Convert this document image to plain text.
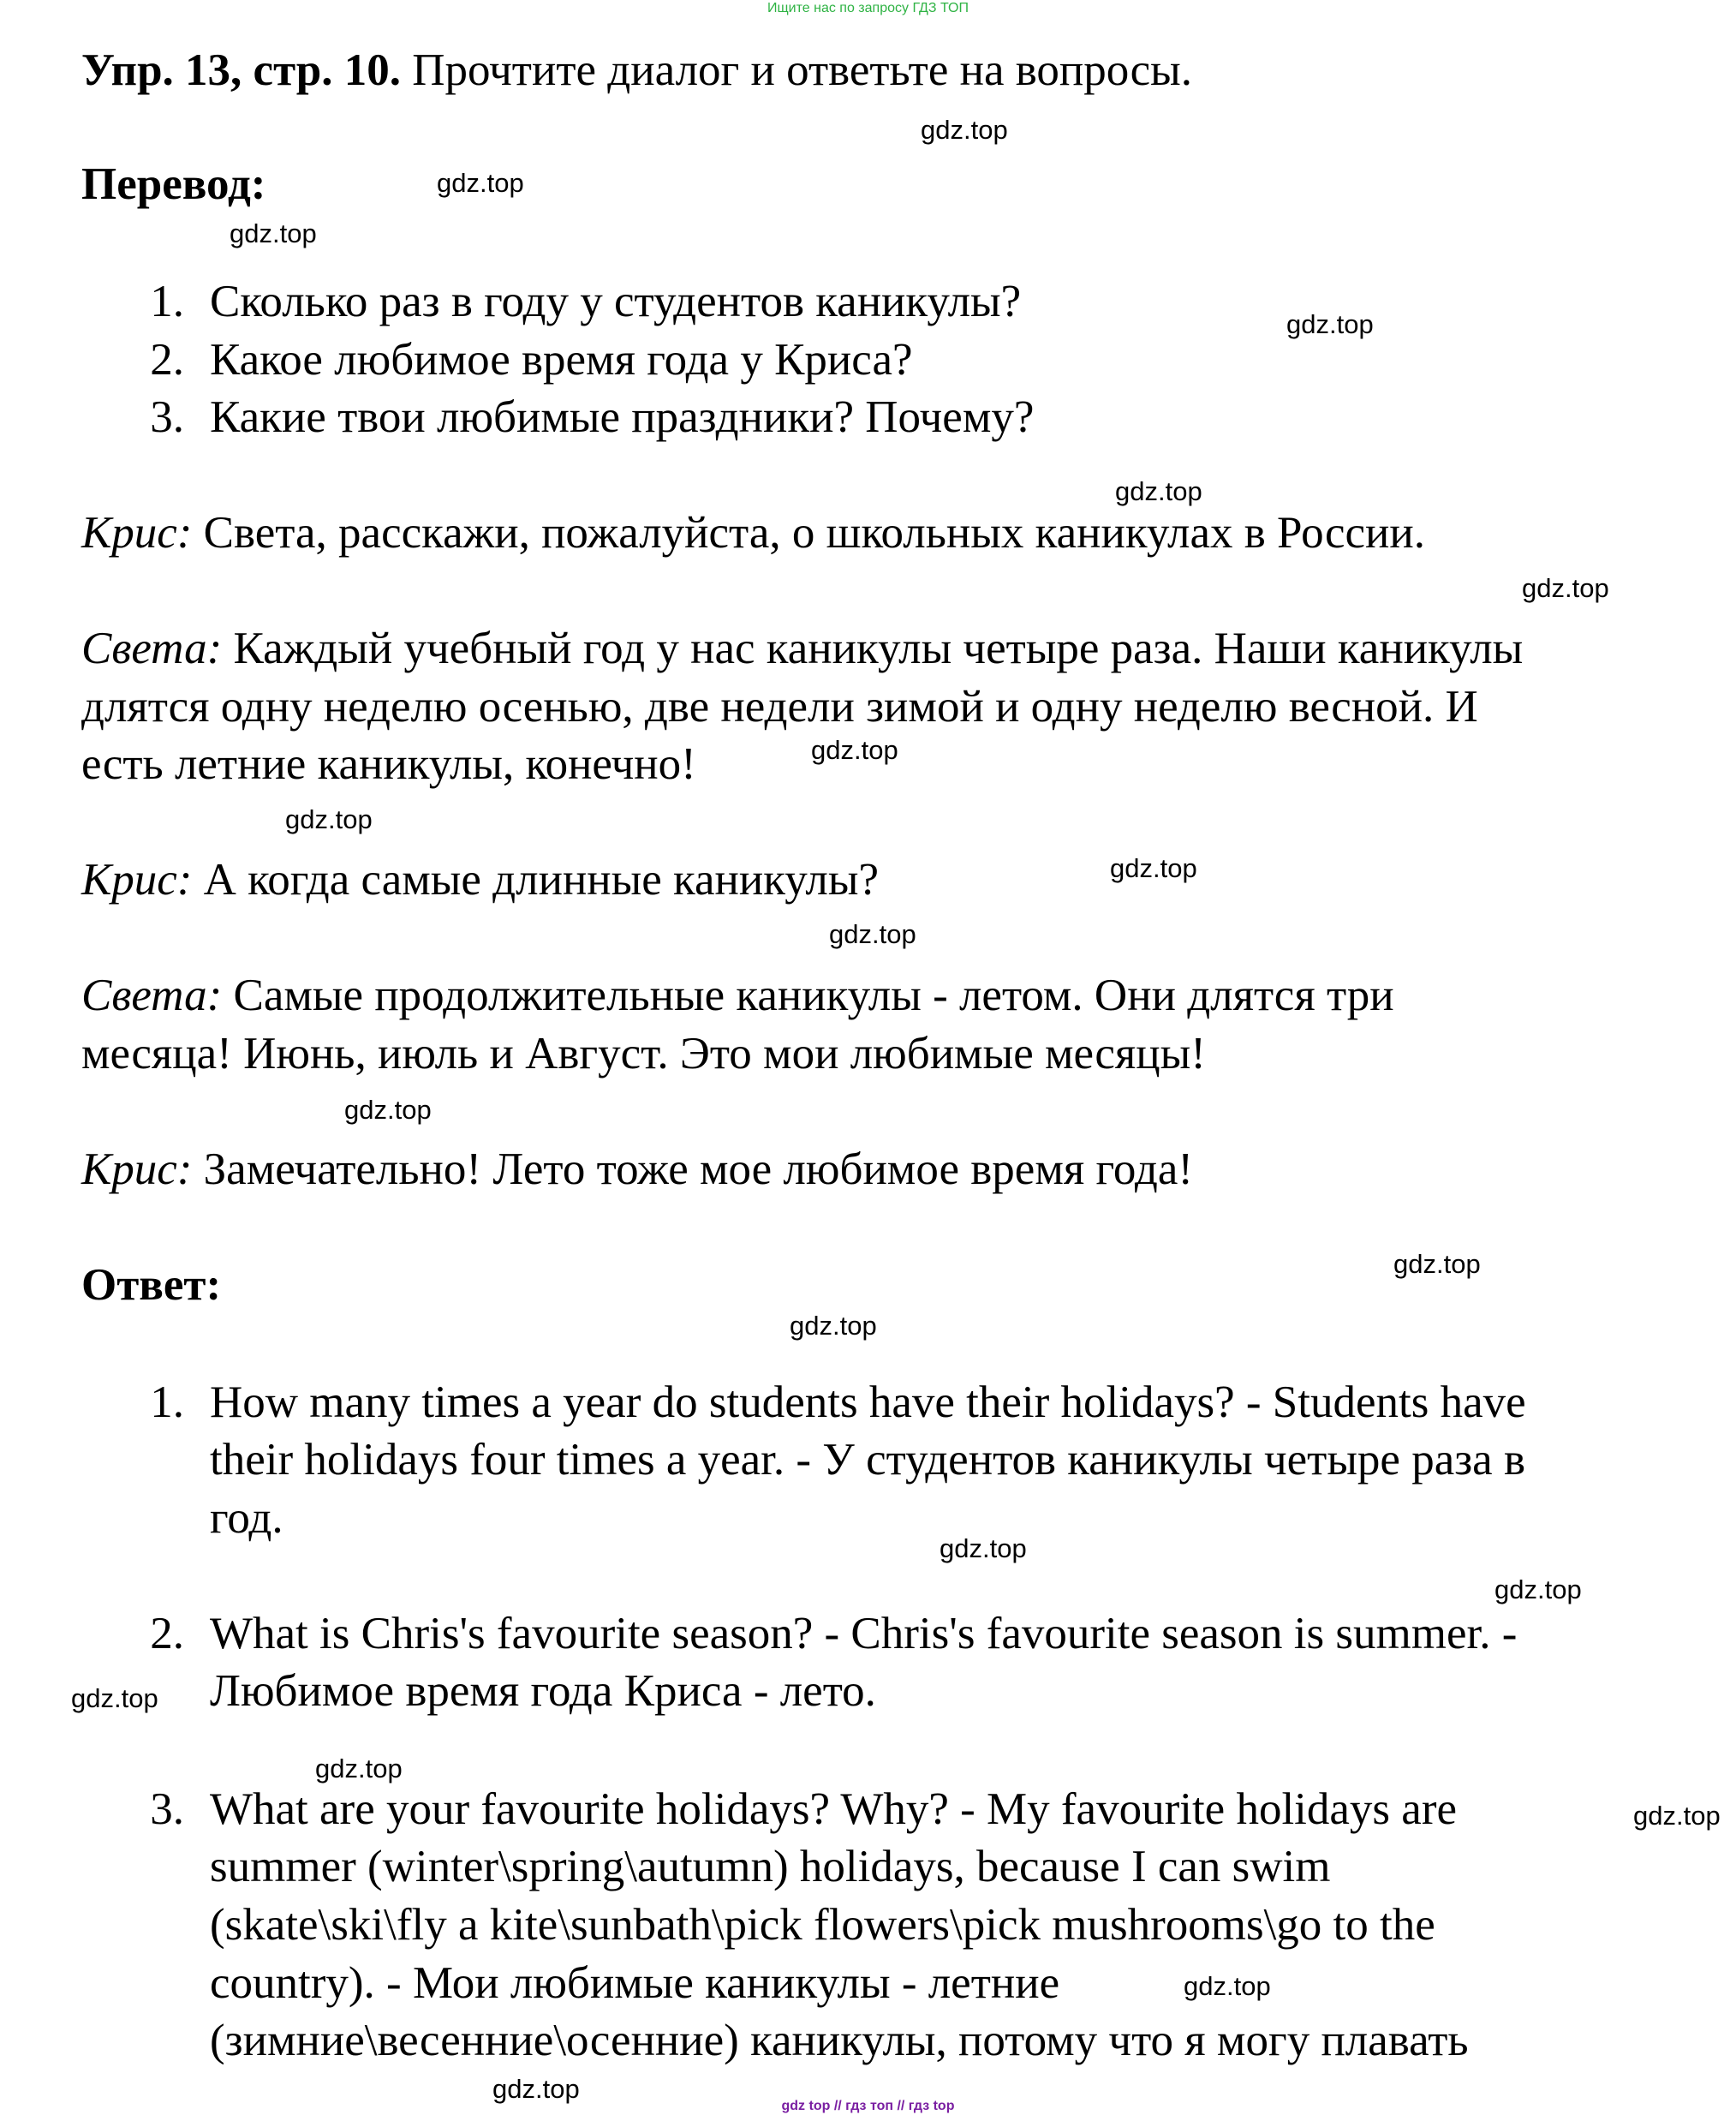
Ищите нас по запросу ГДЗ ТОП
Упр. 13, стр. 10. Прочтите диалог и ответьте на вопросы.
Перевод:
1. Сколько раз в году у студентов каникулы?
2. Какое любимое время года у Криса?
3. Какие твои любимые праздники? Почему?
Крис: Света, расскажи, пожалуйста, о школьных каникулах в России.
Света: Каждый учебный год у нас каникулы четыре раза. Наши каникулы
длятся одну неделю осенью, две недели зимой и одну неделю весной. И
есть летние каникулы, конечно!
Крис: А когда самые длинные каникулы?
Света: Самые продолжительные каникулы - летом. Они длятся три
месяца! Июнь, июль и Август. Это мои любимые месяцы!
Крис: Замечательно! Лето тоже мое любимое время года!
Ответ:
1. How many times a year do students have their holidays? - Students have
their holidays four times a year. - У студентов каникулы четыре раза в
год.
2. What is Chris's favourite season? - Chris's favourite season is summer. -
Любимое время года Криса - лето.
3. What are your favourite holidays? Why? - My favourite holidays are
summer (winter\spring\autumn) holidays, because I can swim
(skate\ski\fly a kite\sunbath\pick flowers\pick mushrooms\go to the
country). - Мои любимые каникулы - летние
(зимние\весенние\осенние) каникулы, потому что я могу плавать
gdz.top
gdz.top
gdz.top
gdz.top
gdz.top
gdz.top
gdz.top
gdz.top
gdz.top
gdz.top
gdz.top
gdz.top
gdz.top
gdz.top
gdz.top
gdz.top
gdz.top
gdz.top
gdz.top
gdz.top
gdz top // гдз топ // гдз top
